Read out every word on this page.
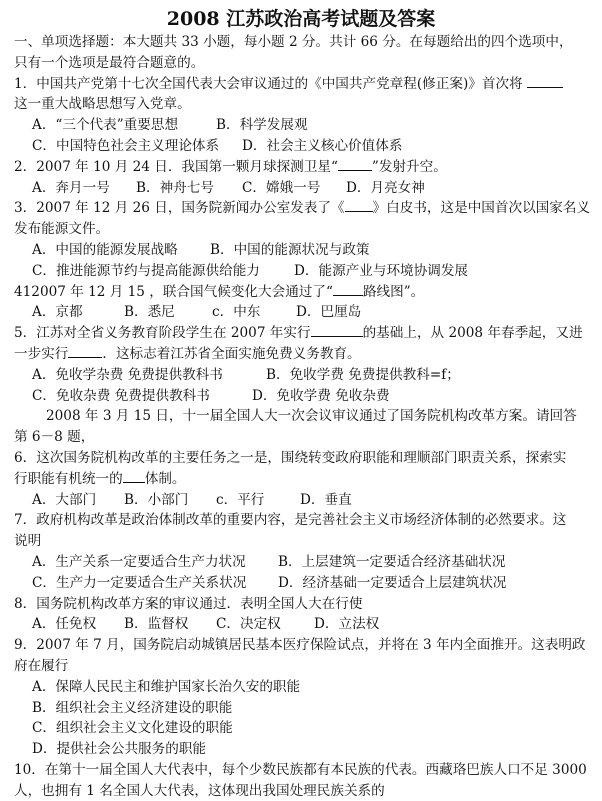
2008 江苏政治高考试题及答案
一、单项选择题：本大题共 33 小题，每小题 2 分。共计 66 分。在每题给出的四个选项中，
只有一个选项是最符合题意的。
1．中国共产党第十七次全国代表大会审议通过的《中国共产党章程(修正案)》首次将
这一重大战略思想写入党章。
A．“三个代表”重要思想	B．科学发展观
C．中国特色社会主义理论体系 D．社会主义核心价值体系
2．2007 年 10 月 24 日．我国第一颗月球探测卫星“	”发射升空。
A．奔月一号 B．神舟七号 C．嫦娥一号 D．月亮女神
3．2007 年 12 月 26 日，国务院新闻办公室发表了《 》白皮书，这是中国首次以国家名义
发布能源文件。
A．中国的能源发展战略 B．中国的能源状况与政策
C．推进能源节约与提高能源供给能力	D．能源产业与环境协调发展
412007 年 12 月 15 ，联合国气候变化大会通过了“ 路线图”。
A．京都	B．悉尼	c．中东	D．巴厘岛
5．江苏对全省义务教育阶段学生在 2007 年实行	的基础上，从 2008 年春季起，又进
一步实行	．这标志着江苏省全面实施免费义务教育。
A．免收学杂费 免费提供教科书	B．免收学费 免费提供教科=f；
C．免收杂费 免费提供教科书	D．免收学费 免收杂费
2008 年 3 月 15 日，十一届全国人大一次会议审议通过了国务院机构改革方案。请回答
第 6－8 题，
6．这次国务院机构改革的主要任务之一是，围绕转变政府职能和理顺部门职责关系，探索实
行职能有机统一的 体制。
A．大部门 B．小部门 c．平行	D．垂直
7．政府机构改革是政治体制改革的重要内容，是完善社会主义市场经济体制的必然要求。这
说明
A．生产关系一定要适合生产力状况 B．上层建筑一定要适合经济基础状况
C．生产力一定要适合生产关系状况 D．经济基础一定要适合上层建筑状况
8．国务院机构改革方案的审议通过．表明全国人大在行使
A．任免权 B．监督权 C．决定权 D．立法权
9．2007 年 7 月，国务院启动城镇居民基本医疗保险试点，并将在 3 年内全面推开。这表明政
府在履行
A．保障人民民主和维护国家长治久安的职能
B．组织社会主义经济建设的职能
C．组织社会主义文化建设的职能
D．提供社会公共服务的职能
10．在第十一届全国人大代表中，每个少数民族都有本民族的代表。西藏珞巴族人口不足 3000
人，也拥有 1 名全国人大代表，这体现出我国处理民族关系的
